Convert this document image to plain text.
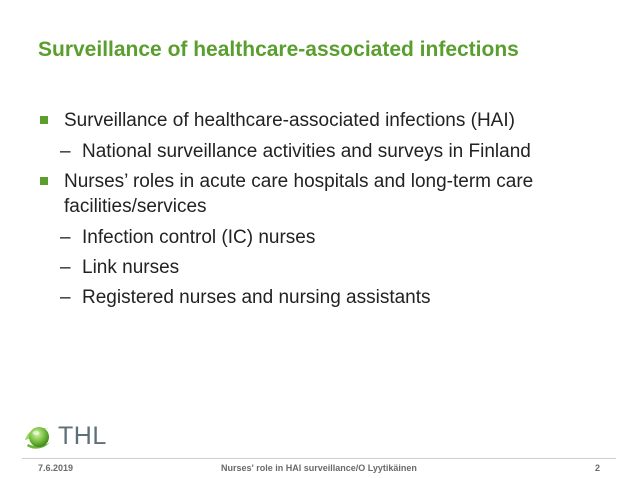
Surveillance of healthcare-associated infections
Surveillance of healthcare-associated infections (HAI)
– National surveillance activities and surveys in Finland
Nurses’ roles in acute care hospitals and long-term care facilities/services
– Infection control (IC) nurses
– Link nurses
– Registered nurses and nursing assistants
THL
7.6.2019	Nurses' role in HAI surveillance/O Lyytikäinen	2
